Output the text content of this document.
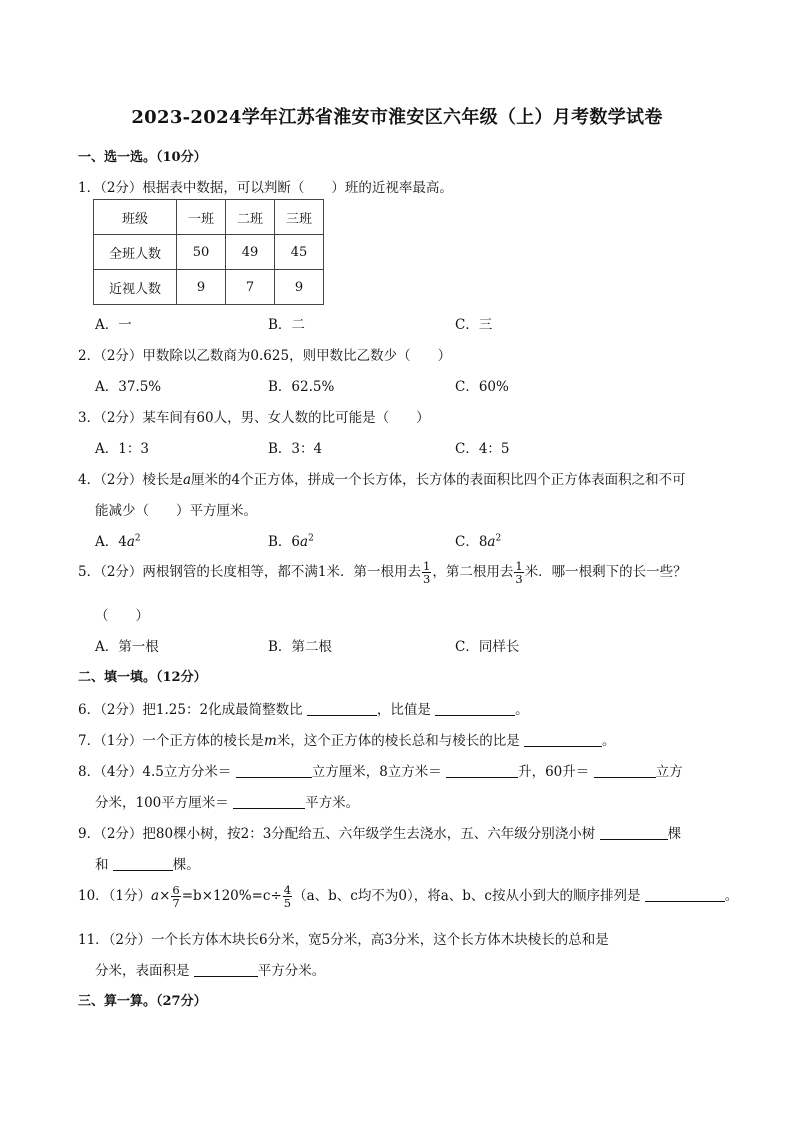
2023-2024学年江苏省淮安市淮安区六年级（上）月考数学试卷
一、选一选。（10分）
1．（2分）根据表中数据，可以判断（　　）班的近视率最高。
班级	一班	二班	三班
全班人数	50	49	45
近视人数	9	7	9
A．一	B．二	C．三
2．（2分）甲数除以乙数商为0.625，则甲数比乙数少（　　）
A．37.5%	B．62.5%	C．60%
3．（2分）某车间有60人，男、女人数的比可能是（　　）
A．1：3	B．3：4	C．4：5
4．（2分）棱长是a厘米的4个正方体，拼成一个长方体，长方体的表面积比四个正方体表面积之和不可
能减少（　　）平方厘米。
A．$4a^2$	B．$6a^2$	C．$8a^2$
5．（2分）两根钢管的长度相等，都不满1米．第一根用去 $\frac{1}{3}$ ，第二根用去 $\frac{1}{3}$ 米．哪一根剩下的长一些？
（　　）
A．第一根	B．第二根	C．同样长
二、填一填。（12分）
6．（2分）把1.25：2化成最简整数比	，比值是	。
7．（1分）一个正方体的棱长是m米，这个正方体的棱长总和与棱长的比是	。
8．（4分）4.5立方分米＝	立方厘米，8立方米＝	升，60升＝	立方
分米，100平方厘米＝	平方米。
9．（2分）把80棵小树，按2：3分配给五、六年级学生去浇水，五、六年级分别浇小树	棵
和	棵。
10．（1分）$a\times \frac{6}{7} =b\times 120\%=c\div \frac{4}{5} (a$、b、c均不为0），将a、b、c按从小到大的顺序排列是	。
11．（2分）一个长方体木块长6分米，宽5分米，高3分米，这个长方体木块棱长的总和是
分米，表面积是	平方分米。
三、算一算。（27分）
